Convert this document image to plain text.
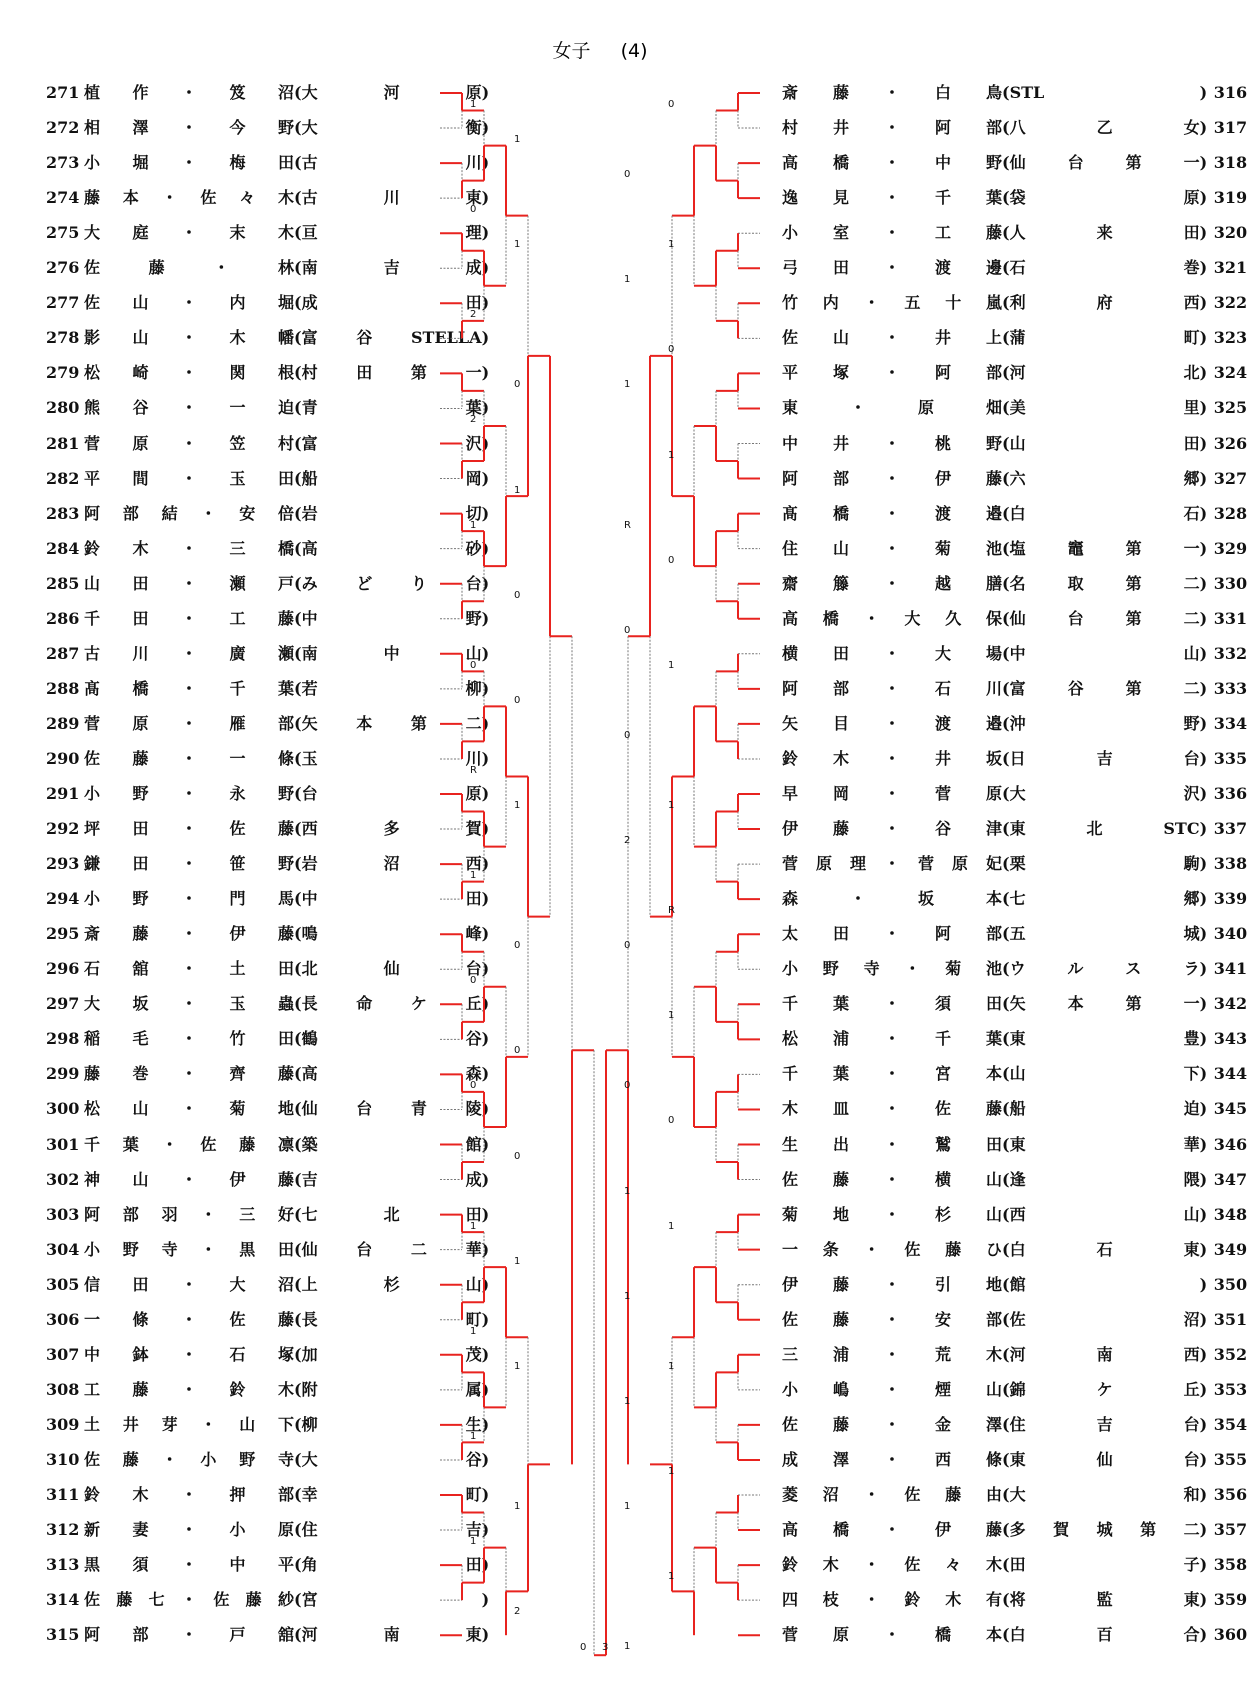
女子 (4)
271 植作・笈沼(大河原)
272 相澤・今野(大衡)
273 小堀・梅田(古川)
274 藤本・佐々木(古川東)
275 大庭・末木(亘理)
276 佐藤・林(南吉成)
277 佐山・内堀(成田)
278 影山・木幡(富谷STELLA)
279 松崎・関根(村田第一)
280 熊谷・一迫(青葉)
281 菅原・笠村(富沢)
282 平間・玉田(船岡)
283 阿部結・安倍(岩切)
284 鈴木・三橋(高砂)
285 山田・瀬戸(みどり台)
286 千田・工藤(中野)
287 古川・廣瀬(南中山)
288 髙橋・千葉(若柳)
289 菅原・雁部(矢本第二)
290 佐藤・一條(玉川)
291 小野・永野(台原)
292 坪田・佐藤(西多賀)
293 鎌田・笹野(岩沼西)
294 小野・門馬(中田)
295 斎藤・伊藤(鳴峰)
296 石舘・土田(北仙台)
297 大坂・玉蟲(長命ケ丘)
298 稲毛・竹田(鶴谷)
299 藤巻・齊藤(高森)
300 松山・菊地(仙台青陵)
301 千葉・佐藤凛(築館)
302 神山・伊藤(吉成)
303 阿部羽・三好(七北田)
304 小野寺・黒田(仙台二華)
305 信田・大沼(上杉山)
306 一條・佐藤(長町)
307 中鉢・石塚(加茂)
308 工藤・鈴木(附属)
309 土井芽・山下(柳生)
310 佐藤・小野寺(大谷)
311 鈴木・押部(幸町)
312 新妻・小原(住吉)
313 黒須・中平(角田)
314 佐藤七・佐藤紗(宮	)
315 阿部・戸舘(河南東)
斎藤・白鳥(STL	) 316
村井・阿部(八乙女) 317
高橋・中野(仙台第一) 318
逸見・千葉(袋原) 319
小室・工藤(人来田) 320
弓田・渡邊(石巻) 321
竹内・五十嵐(利府西) 322
佐山・井上(蒲町) 323
平塚・阿部(河北) 324
東・原畑(美里) 325
中井・桃野(山田) 326
阿部・伊藤(六郷) 327
髙橋・渡邉(白石) 328
住山・菊池(塩竈第一) 329
齋籐・越膳(名取第二) 330
高橋・大久保(仙台第二) 331
横田・大場(中山) 332
阿部・石川(富谷第二) 333
矢目・渡邉(沖野) 334
鈴木・井坂(日吉台) 335
早岡・菅原(大沢) 336
伊藤・谷津(東北STC) 337
菅原理・菅原妃(栗駒) 338
森・坂本(七郷) 339
太田・阿部(五城) 340
小野寺・菊池(ウルスラ) 341
千葉・須田(矢本第一) 342
松浦・千葉(東豊) 343
千葉・宮本(山下) 344
木皿・佐藤(船迫) 345
生出・鷲田(東華) 346
佐藤・横山(逢隈) 347
菊地・杉山(西山) 348
一条・佐藤ひ(白石東) 349
伊藤・引地(館	) 350
佐藤・安部(佐沼) 351
三浦・荒木(河南西) 352
小嶋・煙山(錦ケ丘) 353
佐藤・金澤(住吉台) 354
成澤・西條(東仙台) 355
菱沼・佐藤由(大和) 356
高橋・伊藤(多賀城第二) 357
鈴木・佐々木(田子) 358
四枝・鈴木有(将監東) 359
菅原・橋本(白百合) 360
1	0
1
0
0
1
1
1
2
0
0	1
2
1
1
R
1
0
0
0
0	1
0
0
R
1
1
2
1
R
0	0
0
1
0
0
0
0
0
1
1	1
1
1
1
1
1
1
1
1
1	1
1
1
2
1
0 3
